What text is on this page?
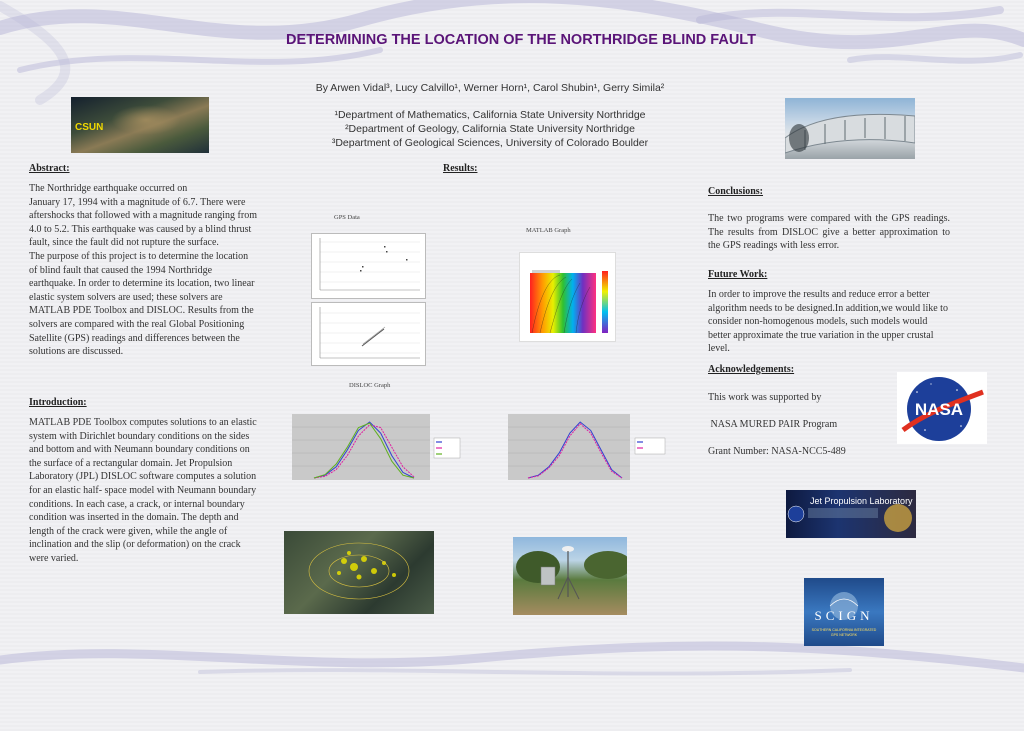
DETERMINING THE LOCATION OF THE NORTHRIDGE BLIND FAULT
By Arwen Vidal³, Lucy Calvillo¹, Werner Horn¹, Carol Shubin¹, Gerry Simila²
¹Department of Mathematics, California State University Northridge
²Department of Geology, California State University Northridge
³Department of Geological Sciences, University of Colorado Boulder
CSUN
Abstract:
The Northridge earthquake occurred on
January 17, 1994 with a magnitude of 6.7. There were aftershocks that followed with a magnitude ranging from 4.0 to 5.2. This earthquake was caused by a blind thrust fault, since the fault did not rupture the surface.
The purpose of this project is to determine the location of blind fault that caused the 1994 Northridge earthquake. In order to determine its location, two linear elastic system solvers are used; these solvers are MATLAB PDE Toolbox and DISLOC. Results from the solvers are compared with the real Global Positioning Satellite (GPS) readings and differences between the solutions are discussed.
Introduction:
MATLAB PDE Toolbox computes solutions to an elastic system with Dirichlet boundary conditions on the sides and bottom and with Neumann boundary conditions on the surface of a rectangular domain. Jet Propulsion Laboratory (JPL) DISLOC software computes a solution for an elastic half- space model with Neumann boundary conditions. In each case, a crack, or internal boundary condition was inserted in the domain. The depth and length of the crack were given, while the angle of inclination and the slip (or deformation) on the crack were varied.
Results:
GPS Data
MATLAB Graph
DISLOC Graph
Conclusions:
The two programs were compared with the GPS readings. The results from DISLOC give a better approximation to the GPS readings with less error.
Future Work:
In order to improve the results and reduce error a better algorithm needs to be designed.In addition,we would like to consider non-homogenous models, such models would better approximate the true variation in the upper crustal level.
Acknowledgements:

This work was supported by

NASA MURED PAIR Program

Grant Number: NASA-NCC5-489

NASA
Jet Propulsion Laboratory
SCIGN
SOUTHERN CALIFORNIA INTEGRATED GPS NETWORK
